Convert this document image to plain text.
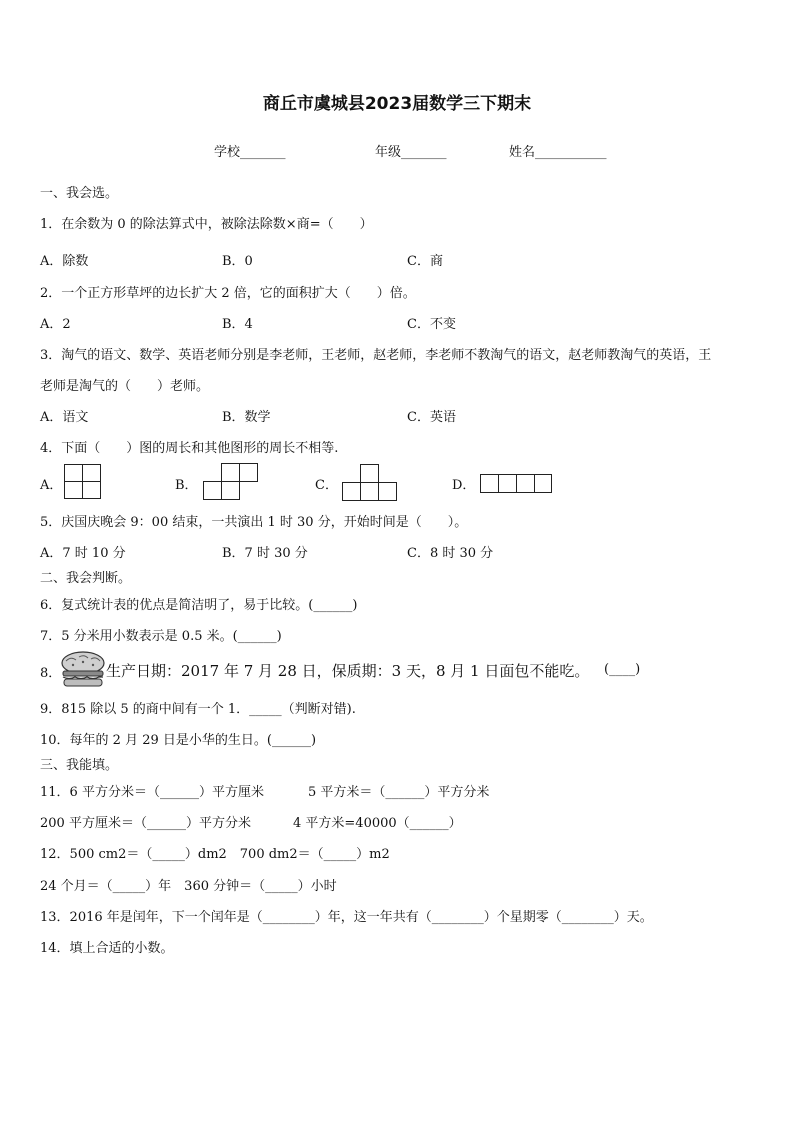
商丘市虞城县2023届数学三下期末
学校_______	年级_______	姓名___________
一、我会选。
1．在余数为 0 的除法算式中，被除法除数×商=（　　）
A．除数	B．0	C．商
2．一个正方形草坪的边长扩大 2 倍，它的面积扩大（　　）倍。
A．2	B．4	C．不变
3．淘气的语文、数学、英语老师分别是李老师，王老师，赵老师，李老师不教淘气的语文，赵老师教淘气的英语，王
老师是淘气的（　　）老师。
A．语文	B．数学	C．英语
4．下面（　　）图的周长和其他图形的周长不相等.
A．	B．	C．	D．
5．庆国庆晚会 9：00 结束，一共演出 1 时 30 分，开始时间是（　　）。
A．7 时 10 分	B．7 时 30 分	C．8 时 30 分
二、我会判断。
6．复式统计表的优点是简洁明了，易于比较。(______)
7．5 分米用小数表示是 0.5 米。(______)
8．	生产日期：2017 年 7 月 28 日，保质期：3 天，8 月 1 日面包不能吃。 (____)
9．815 除以 5 的商中间有一个 1．_____（判断对错).
10．每年的 2 月 29 日是小华的生日。(______)
三、我能填。
11．6 平方分米＝（______）平方厘米	5 平方米＝（______）平方分米
200 平方厘米＝（______）平方分米	4 平方米=40000（______）
12．500 cm2＝（_____）dm2　700 dm2＝（_____）m2
24 个月＝（_____）年　360 分钟＝（_____）小时
13．2016 年是闰年，下一个闰年是（________）年，这一年共有（________）个星期零（________）天。
14．填上合适的小数。
